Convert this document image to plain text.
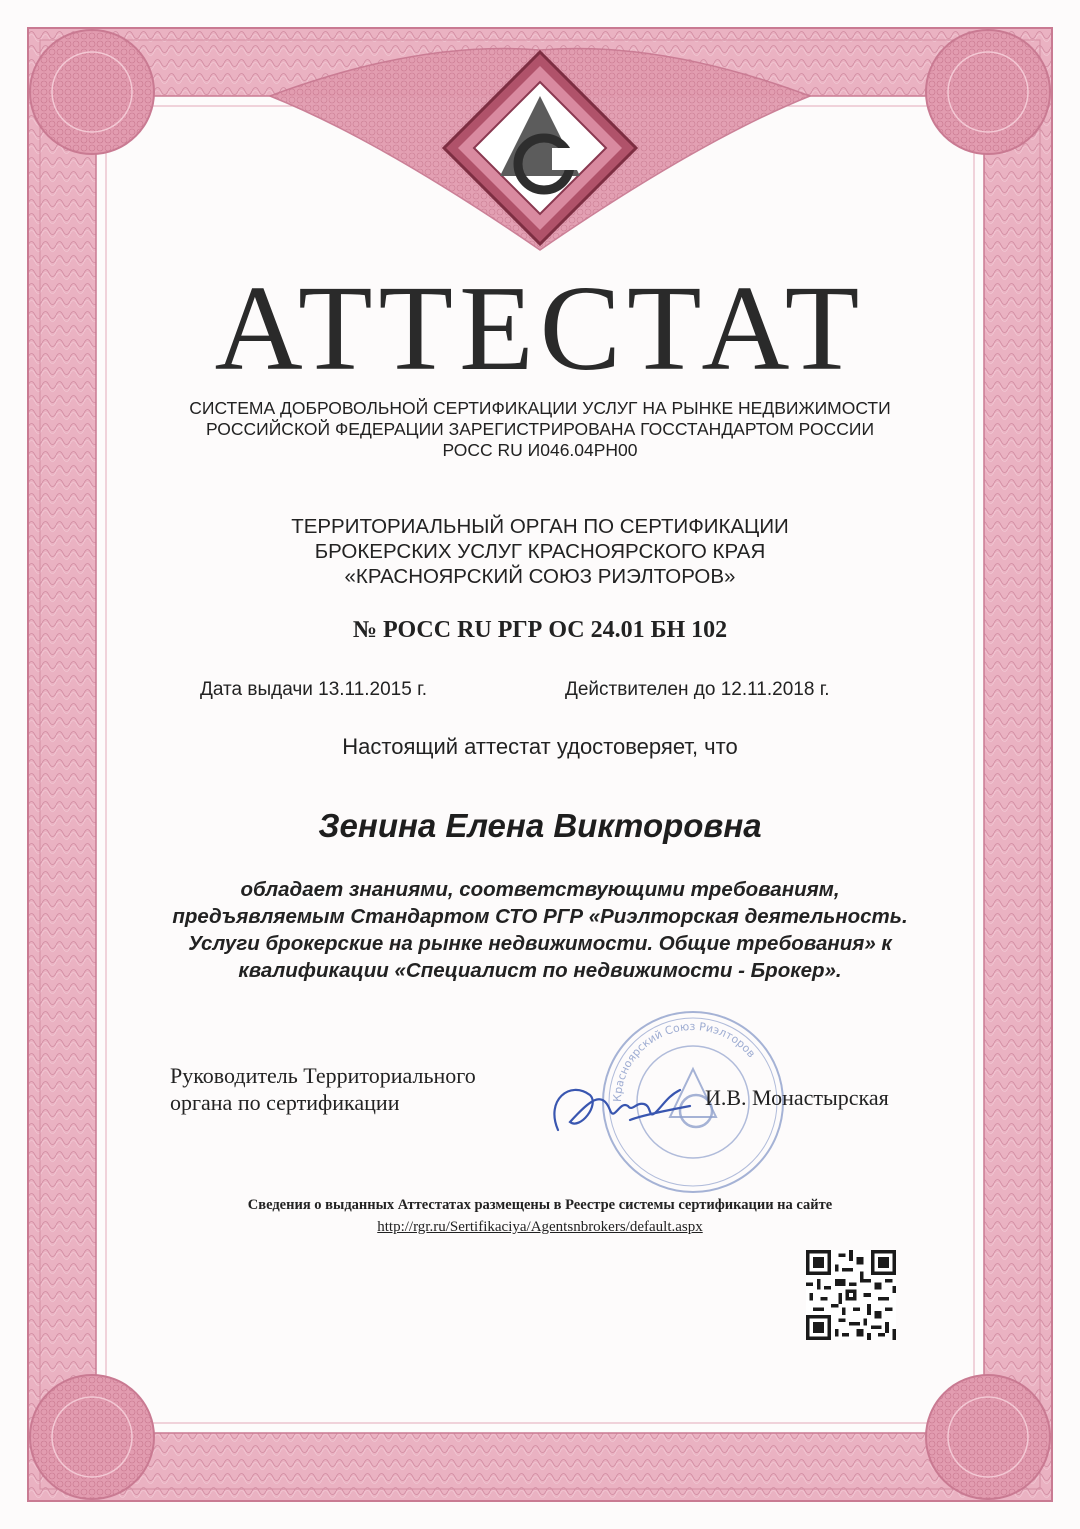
АС
АТТЕСТАТ
СИСТЕМА ДОБРОВОЛЬНОЙ СЕРТИФИКАЦИИ УСЛУГ НА РЫНКЕ НЕДВИЖИМОСТИ
РОССИЙСКОЙ ФЕДЕРАЦИИ ЗАРЕГИСТРИРОВАНА ГОССТАНДАРТОМ РОССИИ
РОСС RU И046.04РН00
ТЕРРИТОРИАЛЬНЫЙ ОРГАН ПО СЕРТИФИКАЦИИ
БРОКЕРСКИХ УСЛУГ КРАСНОЯРСКОГО КРАЯ
«КРАСНОЯРСКИЙ СОЮЗ РИЭЛТОРОВ»
№ РОСС RU РГР ОС 24.01 БН 102
Дата выдачи 13.11.2015 г.	Действителен до 12.11.2018 г.
Настоящий аттестат удостоверяет, что
Зенина Елена Викторовна
обладает знаниями, соответствующими требованиям,
предъявляемым Стандартом СТО РГР «Риэлторская деятельность.
Услуги брокерские на рынке недвижимости. Общие требования» к
квалификации «Специалист по недвижимости - Брокер».
Красноярский Союз Риэлторов
Руководитель Территориального
органа по сертификации	И.В. Монастырская
Сведения о выданных Аттестатах размещены в Реестре системы сертификации на сайте
http://rgr.ru/Sertifikaciya/Agentsnbrokers/default.aspx
